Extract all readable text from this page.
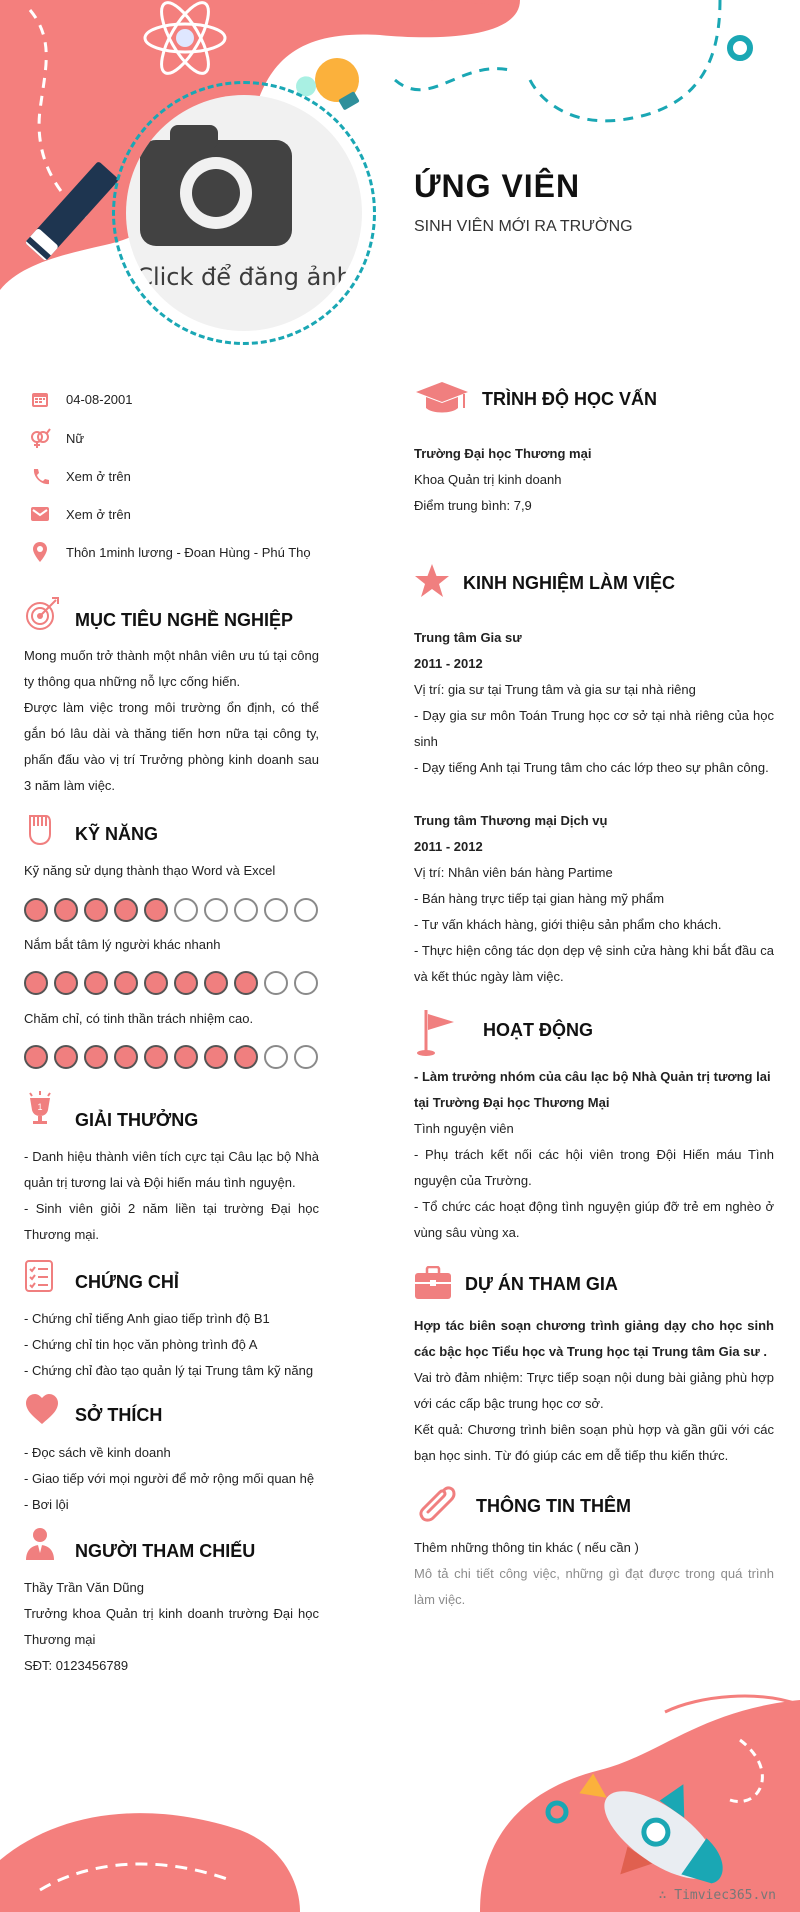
Click để đăng ảnh
ỨNG VIÊN
SINH VIÊN MỚI RA TRƯỜNG
04-08-2001
Nữ
Xem ở trên
Xem ở trên
Thôn 1minh lương - Đoan Hùng - Phú Thọ
MỤC TIÊU NGHỀ NGHIỆP

Mong muốn trở thành một nhân viên ưu tú tại công ty thông qua những nỗ lực cống hiến.

Được làm việc trong môi trường ổn định, có thể gắn bó lâu dài và thăng tiến hơn nữa tại công ty, phấn đấu vào vị trí Trưởng phòng kinh doanh sau 3 năm làm việc.

KỸ NĂNG
Kỹ năng sử dụng thành thạo Word và Excel
Nắm bắt tâm lý người khác nhanh
Chăm chỉ, có tinh thần trách nhiệm cao.
1
GIẢI THƯỞNG

- Danh hiệu thành viên tích cực tại Câu lạc bộ Nhà quản trị tương lai và Đội hiến máu tình nguyện.

- Sinh viên giỏi 2 năm liền tại trường Đại học Thương mại.

CHỨNG CHỈ

- Chứng chỉ tiếng Anh giao tiếp trình độ B1

- Chứng chỉ tin học văn phòng trình độ A

- Chứng chỉ đào tạo quản lý tại Trung tâm kỹ năng

SỞ THÍCH

- Đọc sách về kinh doanh

- Giao tiếp với mọi người để mở rộng mối quan hệ

- Bơi lội

NGƯỜI THAM CHIẾU

Thầy Trần Văn Dũng

Trưởng khoa Quản trị kinh doanh trường Đại học Thương mại

SĐT: 0123456789

TRÌNH ĐỘ HỌC VẤN

Trường Đại học Thương mại

Khoa Quản trị kinh doanh

Điểm trung bình: 7,9

KINH NGHIỆM LÀM VIỆC

Trung tâm Gia sư

2011 - 2012

Vị trí: gia sư tại Trung tâm và gia sư tại nhà riêng

- Dạy gia sư môn Toán Trung học cơ sở tại nhà riêng của học sinh

- Dạy tiếng Anh tại Trung tâm cho các lớp theo sự phân công.

Trung tâm Thương mại Dịch vụ

2011 - 2012

Vị trí: Nhân viên bán hàng Partime

- Bán hàng trực tiếp tại gian hàng mỹ phẩm

- Tư vấn khách hàng, giới thiệu sản phẩm cho khách.

- Thực hiện công tác dọn dẹp vệ sinh cửa hàng khi bắt đầu ca và kết thúc ngày làm việc.

HOẠT ĐỘNG

- Làm trưởng nhóm của câu lạc bộ Nhà Quản trị tương lai tại Trường Đại học Thương Mại

Tình nguyện viên

- Phụ trách kết nối các hội viên trong Đội Hiến máu Tình nguyện của Trường.

- Tổ chức các hoạt động tình nguyện giúp đỡ trẻ em nghèo ở vùng sâu vùng xa.

DỰ ÁN THAM GIA

Hợp tác biên soạn chương trình giảng dạy cho học sinh các bậc học Tiểu học và Trung học tại Trung tâm Gia sư .

Vai trò đảm nhiệm: Trực tiếp soạn nội dung bài giảng phù hợp với các cấp bậc trung học cơ sở.

Kết quả: Chương trình biên soạn phù hợp và gần gũi với các bạn học sinh. Từ đó giúp các em dễ tiếp thu kiến thức.

THÔNG TIN THÊM

Thêm những thông tin khác ( nếu cần )

Mô tả chi tiết công việc, những gì đạt được trong quá trình làm việc.

∴ Timviec365.vn
